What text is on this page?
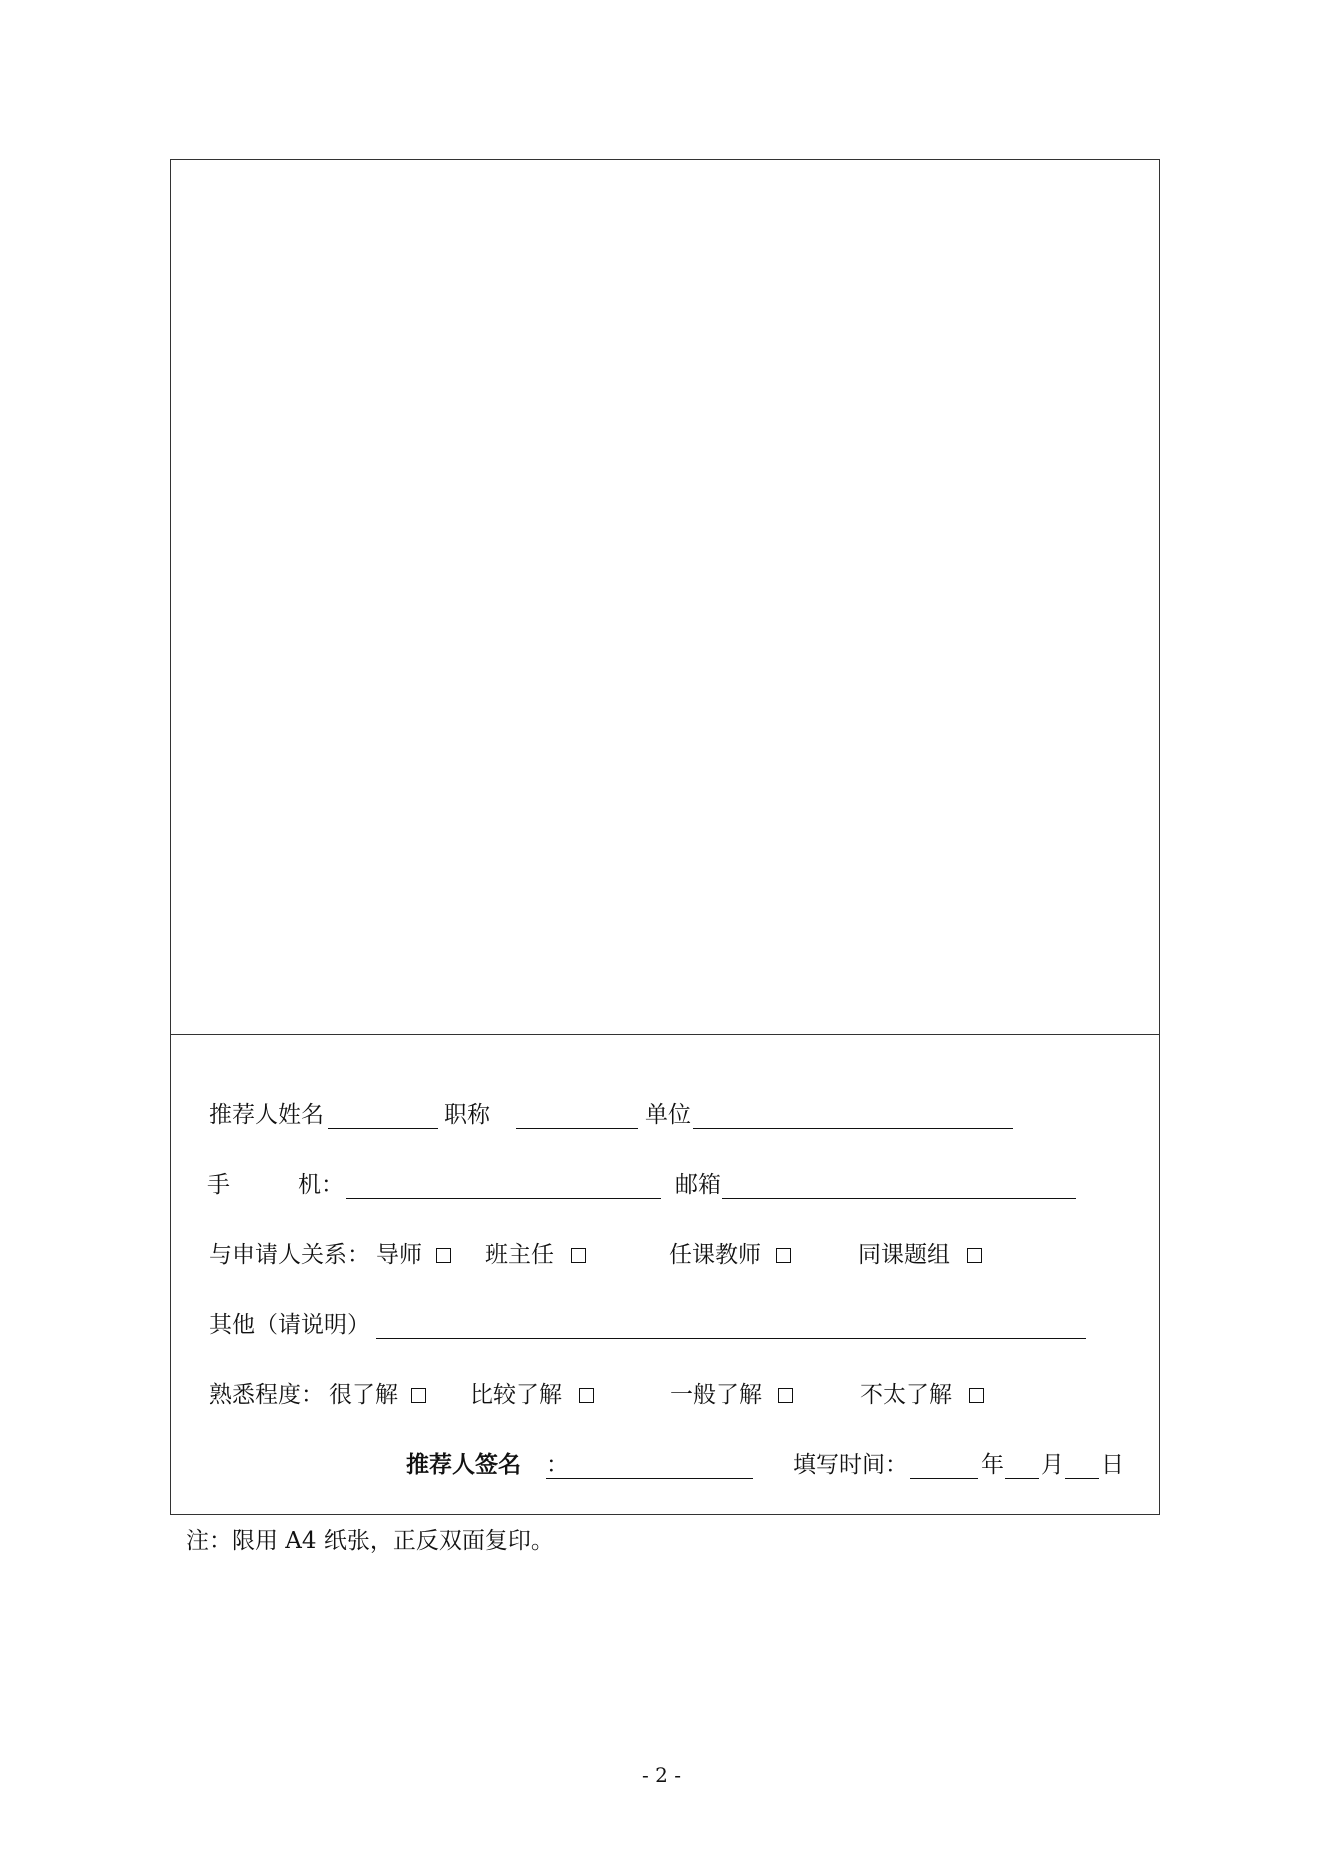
推荐人姓名	职称	单位
手	机：	邮箱
与申请人关系： 导师	班主任	任课教师	同课题组
其他（请说明）
熟悉程度： 很了解	比较了解	一般了解	不太了解
推荐人签名 ：	填写时间：	年 月 日
注：限用 A4 纸张，正反双面复印。
- 2 -
